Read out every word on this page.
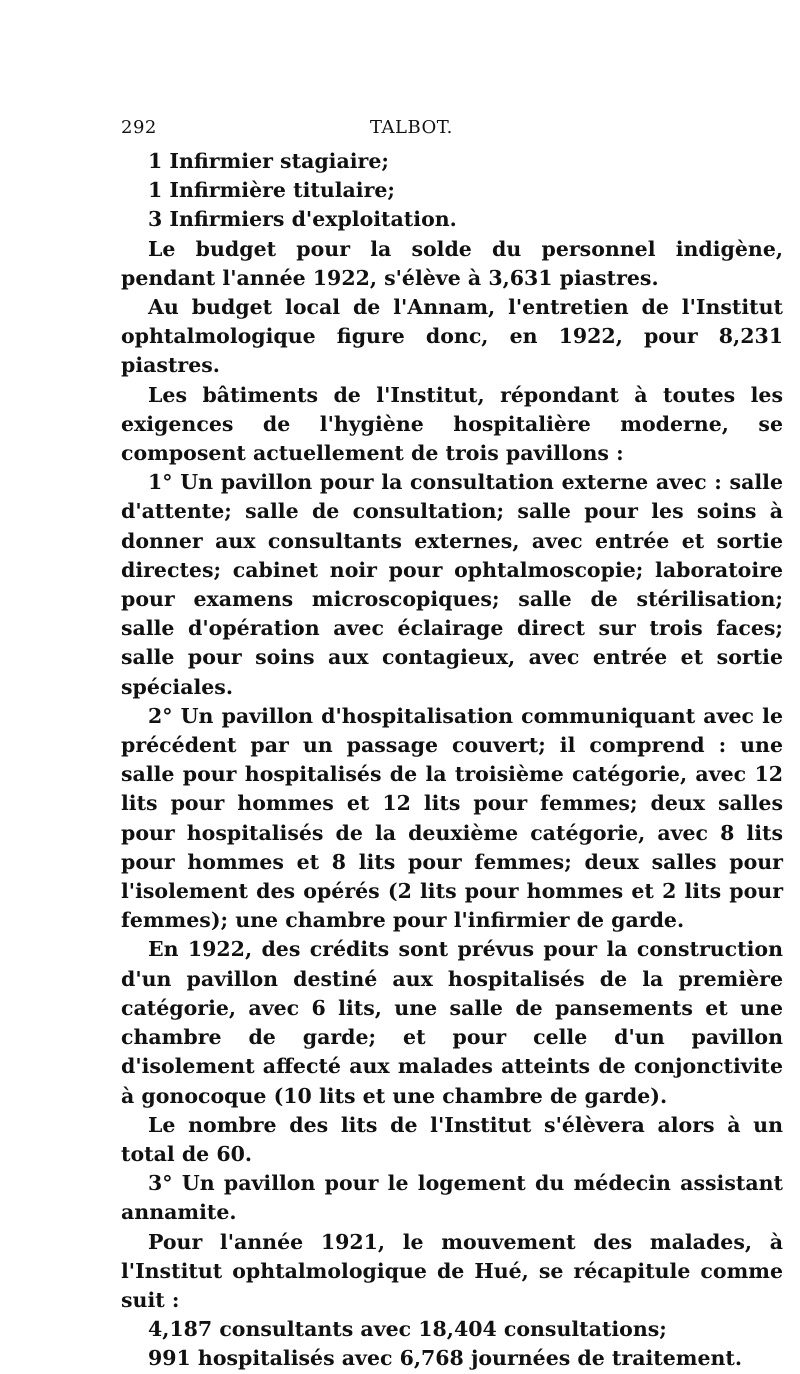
292	TALBOT.

1 Infirmier stagiaire;

1 Infirmière titulaire;

3 Infirmiers d'exploitation.

Le budget pour la solde du personnel indigène, pendant l'année 1922, s'élève à 3,631 piastres.

Au budget local de l'Annam, l'entretien de l'Institut ophtalmologique figure donc, en 1922, pour 8,231 piastres.

Les bâtiments de l'Institut, répondant à toutes les exigences de l'hygiène hospitalière moderne, se composent actuellement de trois pavillons :

1° Un pavillon pour la consultation externe avec : salle d'attente; salle de consultation; salle pour les soins à donner aux consultants externes, avec entrée et sortie directes; cabinet noir pour ophtalmoscopie; laboratoire pour examens microscopiques; salle de stérilisation; salle d'opération avec éclairage direct sur trois faces; salle pour soins aux contagieux, avec entrée et sortie spéciales.

2° Un pavillon d'hospitalisation communiquant avec le précédent par un passage couvert; il comprend : une salle pour hospitalisés de la troisième catégorie, avec 12 lits pour hommes et 12 lits pour femmes; deux salles pour hospitalisés de la deuxième catégorie, avec 8 lits pour hommes et 8 lits pour femmes; deux salles pour l'isolement des opérés (2 lits pour hommes et 2 lits pour femmes); une chambre pour l'infirmier de garde.

En 1922, des crédits sont prévus pour la construction d'un pavillon destiné aux hospitalisés de la première catégorie, avec 6 lits, une salle de pansements et une chambre de garde; et pour celle d'un pavillon d'isolement affecté aux malades atteints de conjonctivite à gonocoque (10 lits et une chambre de garde).

Le nombre des lits de l'Institut s'élèvera alors à un total de 60.

3° Un pavillon pour le logement du médecin assistant annamite.

Pour l'année 1921, le mouvement des malades, à l'Institut ophtalmologique de Hué, se récapitule comme suit :

4,187 consultants avec 18,404 consultations;

991 hospitalisés avec 6,768 journées de traitement.
